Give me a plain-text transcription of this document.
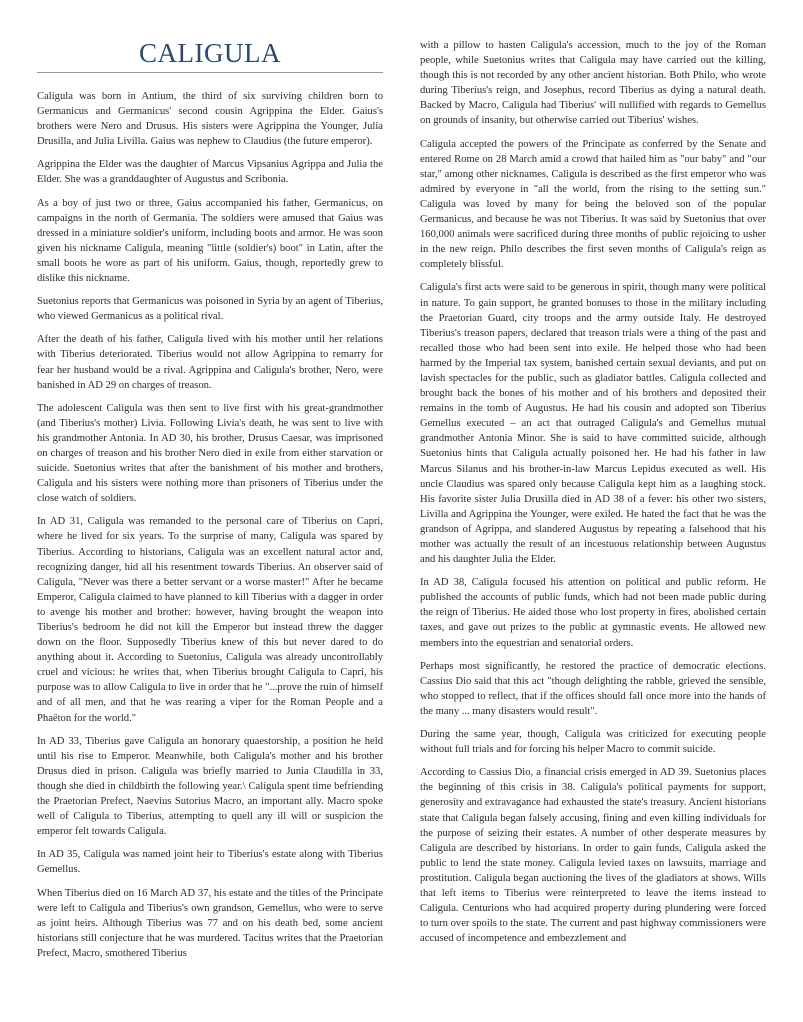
CALIGULA

Caligula was born in Antium, the third of six surviving children born to Germanicus and Germanicus' second cousin Agrippina the Elder. Gaius's brothers were Nero and Drusus. His sisters were Agrippina the Younger, Julia Drusilla, and Julia Livilla. Gaius was nephew to Claudius (the future emperor).

Agrippina the Elder was the daughter of Marcus Vipsanius Agrippa and Julia the Elder. She was a granddaughter of Augustus and Scribonia.

As a boy of just two or three, Gaius accompanied his father, Germanicus, on campaigns in the north of Germania. The soldiers were amused that Gaius was dressed in a miniature soldier's uniform, including boots and armor. He was soon given his nickname Caligula, meaning "little (soldier's) boot" in Latin, after the small boots he wore as part of his uniform. Gaius, though, reportedly grew to dislike this nickname.

Suetonius reports that Germanicus was poisoned in Syria by an agent of Tiberius, who viewed Germanicus as a political rival.

After the death of his father, Caligula lived with his mother until her relations with Tiberius deteriorated. Tiberius would not allow Agrippina to remarry for fear her husband would be a rival. Agrippina and Caligula's brother, Nero, were banished in AD 29 on charges of treason.

The adolescent Caligula was then sent to live first with his great-grandmother (and Tiberius's mother) Livia. Following Livia's death, he was sent to live with his grandmother Antonia. In AD 30, his brother, Drusus Caesar, was imprisoned on charges of treason and his brother Nero died in exile from either starvation or suicide. Suetonius writes that after the banishment of his mother and brothers, Caligula and his sisters were nothing more than prisoners of Tiberius under the close watch of soldiers.

In AD 31, Caligula was remanded to the personal care of Tiberius on Capri, where he lived for six years. To the surprise of many, Caligula was spared by Tiberius. According to historians, Caligula was an excellent natural actor and, recognizing danger, hid all his resentment towards Tiberius. An observer said of Caligula, "Never was there a better servant or a worse master!" After he became Emperor, Caligula claimed to have planned to kill Tiberius with a dagger in order to avenge his mother and brother: however, having brought the weapon into Tiberius's bedroom he did not kill the Emperor but instead threw the dagger down on the floor. Supposedly Tiberius knew of this but never dared to do anything about it. According to Suetonius, Caligula was already uncontrollably cruel and vicious: he writes that, when Tiberius brought Caligula to Capri, his purpose was to allow Caligula to live in order that he "...prove the ruin of himself and of all men, and that he was rearing a viper for the Roman People and a Phaëton for the world."

In AD 33, Tiberius gave Caligula an honorary quaestorship, a position he held until his rise to Emperor. Meanwhile, both Caligula's mother and his brother Drusus died in prison. Caligula was briefly married to Junia Claudilla in 33, though she died in childbirth the following year.\ Caligula spent time befriending the Praetorian Prefect, Naevius Sutorius Macro, an important ally. Macro spoke well of Caligula to Tiberius, attempting to quell any ill will or suspicion the emperor felt towards Caligula.

In AD 35, Caligula was named joint heir to Tiberius's estate along with Tiberius Gemellus.

When Tiberius died on 16 March AD 37, his estate and the titles of the Principate were left to Caligula and Tiberius's own grandson, Gemellus, who were to serve as joint heirs. Although Tiberius was 77 and on his death bed, some ancient historians still conjecture that he was murdered. Tacitus writes that the Praetorian Prefect, Macro, smothered Tiberius

with a pillow to hasten Caligula's accession, much to the joy of the Roman people, while Suetonius writes that Caligula may have carried out the killing, though this is not recorded by any other ancient historian. Both Philo, who wrote during Tiberius's reign, and Josephus, record Tiberius as dying a natural death. Backed by Macro, Caligula had Tiberius' will nullified with regards to Gemellus on grounds of insanity, but otherwise carried out Tiberius' wishes.

Caligula accepted the powers of the Principate as conferred by the Senate and entered Rome on 28 March amid a crowd that hailed him as "our baby" and "our star," among other nicknames. Caligula is described as the first emperor who was admired by everyone in "all the world, from the rising to the setting sun." Caligula was loved by many for being the beloved son of the popular Germanicus, and because he was not Tiberius. It was said by Suetonius that over 160,000 animals were sacrificed during three months of public rejoicing to usher in the new reign. Philo describes the first seven months of Caligula's reign as completely blissful.

Caligula's first acts were said to be generous in spirit, though many were political in nature. To gain support, he granted bonuses to those in the military including the Praetorian Guard, city troops and the army outside Italy. He destroyed Tiberius's treason papers, declared that treason trials were a thing of the past and recalled those who had been sent into exile. He helped those who had been harmed by the Imperial tax system, banished certain sexual deviants, and put on lavish spectacles for the public, such as gladiator battles. Caligula collected and brought back the bones of his mother and of his brothers and deposited their remains in the tomb of Augustus. He had his cousin and adopted son Tiberius Gemellus executed – an act that outraged Caligula's and Gemellus mutual grandmother Antonia Minor. She is said to have committed suicide, although Suetonius hints that Caligula actually poisoned her. He had his father in law Marcus Silanus and his brother-in-law Marcus Lepidus executed as well. His uncle Claudius was spared only because Caligula kept him as a laughing stock. His favorite sister Julia Drusilla died in AD 38 of a fever: his other two sisters, Livilla and Agrippina the Younger, were exiled. He hated the fact that he was the grandson of Agrippa, and slandered Augustus by repeating a falsehood that his mother was actually the result of an incestuous relationship between Augustus and his daughter Julia the Elder.

In AD 38, Caligula focused his attention on political and public reform. He published the accounts of public funds, which had not been made public during the reign of Tiberius. He aided those who lost property in fires, abolished certain taxes, and gave out prizes to the public at gymnastic events. He allowed new members into the equestrian and senatorial orders.

Perhaps most significantly, he restored the practice of democratic elections. Cassius Dio said that this act "though delighting the rabble, grieved the sensible, who stopped to reflect, that if the offices should fall once more into the hands of the many ... many disasters would result".

During the same year, though, Caligula was criticized for executing people without full trials and for forcing his helper Macro to commit suicide.

According to Cassius Dio, a financial crisis emerged in AD 39. Suetonius places the beginning of this crisis in 38. Caligula's political payments for support, generosity and extravagance had exhausted the state's treasury. Ancient historians state that Caligula began falsely accusing, fining and even killing individuals for the purpose of seizing their estates. A number of other desperate measures by Caligula are described by historians. In order to gain funds, Caligula asked the public to lend the state money. Caligula levied taxes on lawsuits, marriage and prostitution. Caligula began auctioning the lives of the gladiators at shows. Wills that left items to Tiberius were reinterpreted to leave the items instead to Caligula. Centurions who had acquired property during plundering were forced to turn over spoils to the state. The current and past highway commissioners were accused of incompetence and embezzlement and
